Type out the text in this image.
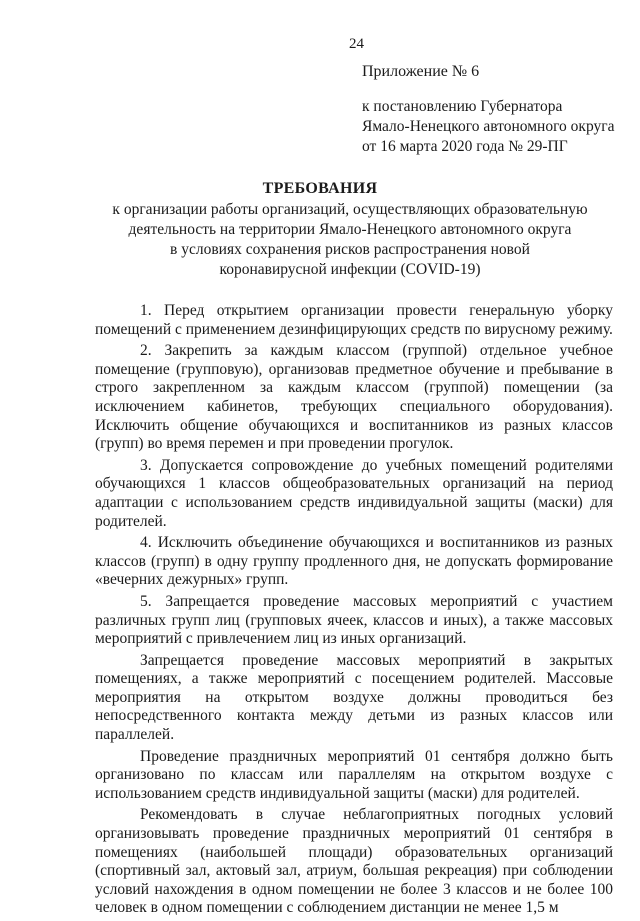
24
Приложение № 6
к постановлению Губернатора
Ямало-Ненецкого автономного округа
от 16 марта 2020 года № 29-ПГ
ТРЕБОВАНИЯ
к организации работы организаций, осуществляющих образовательную
деятельность на территории Ямало-Ненецкого автономного округа
в условиях сохранения рисков распространения новой
коронавирусной инфекции (COVID-19)

1. Перед открытием организации провести генеральную уборку помещений с применением дезинфицирующих средств по вирусному режиму.

2. Закрепить за каждым классом (группой) отдельное учебное помещение (групповую), организовав предметное обучение и пребывание в строго закрепленном за каждым классом (группой) помещении (за исключением кабинетов, требующих специального оборудования). Исключить общение обучающихся и воспитанников из разных классов (групп) во время перемен и при проведении прогулок.

3. Допускается сопровождение до учебных помещений родителями обучающихся 1 классов общеобразовательных организаций на период адаптации с использованием средств индивидуальной защиты (маски) для родителей.

4. Исключить объединение обучающихся и воспитанников из разных классов (групп) в одну группу продленного дня, не допускать формирование «вечерних дежурных» групп.

5. Запрещается проведение массовых мероприятий с участием различных групп лиц (групповых ячеек, классов и иных), а также массовых мероприятий с привлечением лиц из иных организаций.

Запрещается проведение массовых мероприятий в закрытых помещениях, а также мероприятий с посещением родителей. Массовые мероприятия на открытом воздухе должны проводиться без непосредственного контакта между детьми из разных классов или параллелей.

Проведение праздничных мероприятий 01 сентября должно быть организовано по классам или параллелям на открытом воздухе с использованием средств индивидуальной защиты (маски) для родителей.

Рекомендовать в случае неблагоприятных погодных условий организовывать проведение праздничных мероприятий 01 сентября в помещениях (наибольшей площади) образовательных организаций (спортивный зал, актовый зал, атриум, большая рекреация) при соблюдении условий нахождения в одном помещении не более 3 классов и не более 100 человек в одном помещении с соблюдением дистанции не менее 1,5 м
